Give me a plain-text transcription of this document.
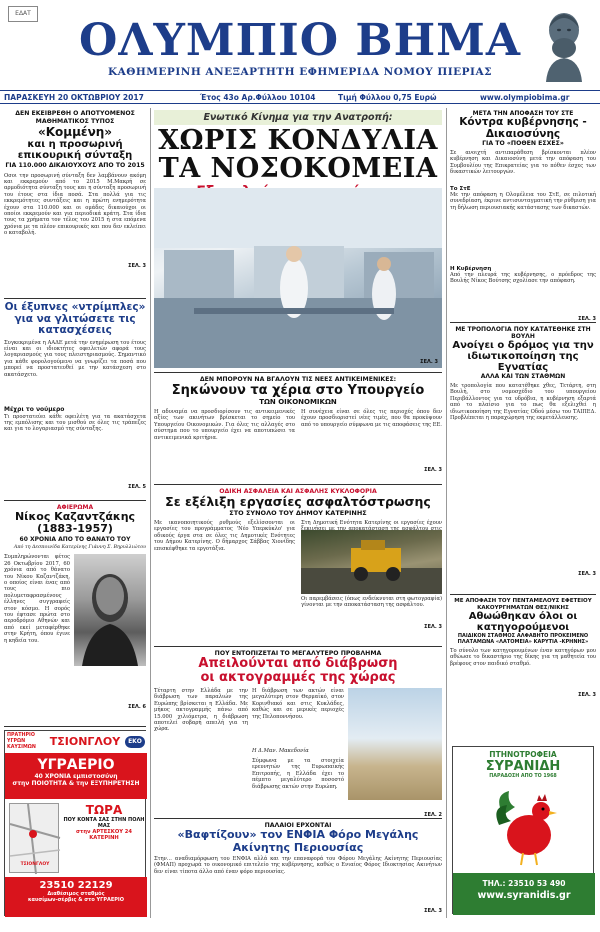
ΕΔΑΤ
ΟΛΥΜΠΙΟ ΒΗΜΑ
ΚΑΘΗΜΕΡΙΝΗ ΑΝΕΞΑΡΤΗΤΗ ΕΦΗΜΕΡΙΔΑ ΝΟΜΟΥ ΠΙΕΡΙΑΣ
ΠΑΡΑΣΚΕΥΗ 20 ΟΚΤΩΒΡΙΟΥ 2017	Έτος 43ο Αρ.Φύλλου 10104	Τιμή Φύλλου 0,75 Ευρώ	www.olympiobima.gr
ΔΕΝ ΕΚΕΙΒΡΕΘΗ Ο ΑΠΟΤΥΟΜΕΝΟΣ ΜΑΘΗΜΑΤΙΚΟΣ ΤΥΠΟΣ
«Κομμένη»
και η προσωρινή επικουρική σύνταξη
ΓΙΑ 110.000 ΔΙΚΑΙΟΥΧΟΥΣ ΑΠΟ ΤΟ 2015
Οσοι την προσωρινή σύνταξη δεν λαμβάνουν ακόμη και εκκρεμούν από το 2015 Μ.Μακρή σε αρμοδιότητα σύνταξη τους και η σύνταξη προσωρινή του έτους στα ίδια ποσά. Στα πολλά για τις εκκρεμότητες συντάξεις και η πρώτη ενημερότητα έχουν στα 110.000 και οι ομάδες δικαιούχοι οι οποίοι εκκρεμούν και για περιοδικά κράτη. Στα ίδια τους τα χρήματα τον τέλος του 2015 ή στα επόμενα χρόνια με τα πλέον επικουρικές και που δεν εκλείπει ο καταβολή.
ΣΕΛ. 3
Οι έξυπνες «ντρίμπλες» για να γλιτώσετε τις κατασχέσεις
Συγκεκριμένα η ΑΑΔΕ μετά την ενημέρωση του έτους είναι και οι ιδιοκτήτες οφειλετών αφορά τους λογαριασμούς για τους πλειστηριασμούς. Σημαντικό για κάθε φορολογούμενο να γνωρίζει τα ποσά που μπορεί να προστατευθεί με την κατάσχεση στο ακατάσχετο.
Μέχρι το νούμερο
Τι προστατεύει κάθε οφειλέτη για τα ακατάσχετα της εμπόλισης και του μισθού σε όλες τις τράπεζες και για το λογαριασμό της σύνταξης.
ΣΕΛ. 5
ΑΦΙΕΡΩΜΑ
Νίκος Καζαντζάκης (1883-1957)
60 ΧΡΟΝΙΑ ΑΠΟ ΤΟ ΘΑΝΑΤΟ ΤΟΥ
Από τη Δεσποινίδα Κατερίνης Γιάννη Σ. Βηρυλλιώτου
Συμπληρώνονται φέτος 26 Οκτωβρίου 2017, 60 χρόνια από το θάνατο του Νίκου Καζαντζάκη, ο οποίος είναι ένας από τους πιο πολυμεταφρασμένους έλληνες συγγραφείς στον κόσμο. Η σορός του έφτασε πρώτα στο αεροδρόμιο Αθηνών και από εκεί μεταφέρθηκε στην Κρήτη, όπου έγινε η κηδεία του.
ΣΕΛ. 6
ΠΡΑΤΗΡΙΟ ΥΓΡΩΝ ΚΑΥΣΙΜΩΝ	ΤΣΙΟΝΓΛΟΥ	ΕΚΟ
ΥΓΡΑΕΡΙΟ
40 ΧΡΟΝΙΑ εμπιστοσύνη
στην ΠΟΙΟΤΗΤΑ & την ΕΞΥΠΗΡΕΤΗΣΗ
ΤΣΙΟΝΓΛΟΥ
ΤΩΡΑ
ΠΟΥ ΚΟΝΤΑ ΣΑΣ ΣΤΗΝ ΠΟΛΗ ΜΑΣ
στην ΑΡΤΕΣΚΟΥ 24 ΚΑΤΕΡΙΝΗ
23510 22129
Διαθέσιμος σταθμός
καυσίμων-σέρβις & στο ΥΓΡΑΕΡΙΟ
Ενωτικό Κίνημα για την Ανατροπή:
ΧΩΡΙΣ ΚΟΝΔΥΛΙΑ
ΤΑ ΝΟΣΟΚΟΜΕΙΑ
ΣΕΛ. 3
ΔΕΝ ΜΠΟΡΟΥΝ ΝΑ ΒΓΑΛΟΥΝ ΤΙΣ ΝΕΕΣ ΑΝΤΙΚΕΙΜΕΝΙΚΕΣ:
Σηκώνουν τα χέρια στο Υπουργείο
ΤΩΝ ΟΙΚΟΝΟΜΙΚΩΝ
Η αδυναμία να προσδιορίσουν τις αντικειμενικές αξίες των ακινήτων βρίσκεται το σημείο του Υπουργείου Οικονομικών. Για όλες τις αλλαγές στο σύστημα που το υπουργείο έχει να αποτυπώσει τα αντικειμενικά κριτήρια.
Η συνέχεια είναι σε όλες τις περιοχές όπου δεν έχουν προσδιοριστεί νέες τιμές, που θα προκύψουν από το υπουργείο σύμφωνα με τις αποφάσεις της ΕΕ.
ΣΕΛ. 3
ΟΔΙΚΗ ΑΣΦΑΛΕΙΑ ΚΑΙ ΑΣΦΑΛΗΣ ΚΥΚΛΟΦΟΡΙΑ
Σε εξέλιξη εργασίες ασφαλτόστρωσης
ΣΤΟ ΣΥΝΟΛΟ ΤΟΥ ΔΗΜΟΥ ΚΑΤΕΡΙΝΗΣ
Με ικανοποιητικούς ρυθμούς εξελίσσονται οι εργασίες του προγράμματος 'Νέο Υπερκύκλο' για οδικούς έργα στα σε όλες τις Δημοτικές Ενότητες του Δήμου Κατερίνης. Ο δήμαρχος Σάββας Χιονίδης επισκέφθηκε τα εργοτάξια.
Στη Δημοτική Ενότητα Κατερίνης οι εργασίες έχουν
Οι παρεμβάσεις (όπως ενδείκνυται στη φωτογραφία) γίνονται με την αποκατάσταση της ασφάλτου.
ΣΕΛ. 3
ΠΟΥ ΕΝΤΟΠΙΖΕΤΑΙ ΤΟ ΜΕΓΑΛΥΤΕΡΟ ΠΡΟΒΛΗΜΑ
Απειλούνται από διάβρωση
οι ακτογραμμές της χώρας
Τέταρτη στην Ελλάδα με την διάβρωση των παραλιών της Ευρώπης βρίσκεται η Ελλάδα. Με μήκος ακτογραμμής πάνω από 15.000 χιλιόμετρα, η διάβρωση αποτελεί σοβαρή απειλή για τη χώρα.
Η διάβρωση των ακτών είναι μεγαλύτερη στον Θερμαϊκό, στον Κορινθιακό και στις Κυκλάδες, καθώς και σε μερικές περιοχές της Πελοποννήσου.
Η Δ.Μαν. Μακεδονία
Σύμφωνα με τα στοιχεία ερευνητών της Ευρωπαϊκής Επιτροπής, η Ελλάδα έχει το πέμπτο μεγαλύτερο ποσοστό διάβρωσης ακτών στην Ευρώπη.
ΣΕΛ. 2
ΠΑΛΑΙΟΙ ΕΡΧΟΝΤΑΙ
«Βαφτίζουν» τον ΕΝΦΙΑ Φόρο Μεγάλης
Ακίνητης Περιουσίας
Στην… αναδιαμόρφωση του ΕΝΦΙΑ αλλά και την επαναφορά του Φόρου Μεγάλης Ακίνητης Περιουσίας (ΦΜΑΠ) προχωρά το οικονομικό επιτελείο της κυβέρνησης, καθώς ο Ενιαίος Φόρος Ιδιοκτησίας Ακινήτων δεν είναι τίποτα άλλο από έναν φόρο περιουσίας.
ΣΕΛ. 3
ΜΕΤΑ ΤΗΝ ΑΠΟΦΑΣΗ ΤΟΥ ΣΤΕ
Κόντρα κυβέρνησης - Δικαιοσύνης
ΓΙΑ ΤΟ «ΠΟΘΕΝ ΕΣΧΕΣ»
Σε ανοιχτή αντιπαράθεση βρίσκονται πλέον κυβέρνηση και Δικαιοσύνη μετά την απόφαση του Συμβουλίου της Επικρατείας για το πόθεν έσχες των δικαστικών λειτουργών.
Το ΣτΕ
Με την απόφαση η Ολομέλεια του ΣτΕ, σε πιλοτική συνεδρίαση, έκρινε αντισυνταγματική την ρύθμιση για τη δήλωση περιουσιακής κατάστασης των δικαστών.
Η Κυβέρνηση
Από την πλευρά της κυβέρνησης, ο πρόεδρος της Βουλής Νίκος Βούτσης σχολίασε την απόφαση.
ΣΕΛ. 3
ΜΕ ΤΡΟΠΟΛΟΓΙΑ ΠΟΥ ΚΑΤΑΤΕΘΗΚΕ ΣΤΗ ΒΟΥΛΗ
Ανοίγει ο δρόμος για την ιδιωτικοποίηση της Εγνατίας
ΑΛΛΑ ΚΑΙ ΤΩΝ ΣΤΑΘΜΩΝ
Με τροπολογία που κατατέθηκε χθες, Τετάρτη, στη Βουλή, στο νομοσχέδιο του υπουργείου Περιβάλλοντος για τα υδρόβια, η κυβέρνηση εξαρτά από το πλαίσιο για το πως θα εξελιχθεί η ιδιωτικοποίηση της Εγνατίας Οδού μέσω του ΤΑΙΠΕΔ. Προβλέπεται η παραχώρηση της εκμετάλλευσης.
ΣΕΛ. 3
ΜΕ ΑΠΟΦΑΣΗ ΤΟΥ ΠΕΝΤΑΜΕΛΟΥΣ ΕΦΕΤΕΙΟΥ ΚΑΚΟΥΡΓΗΜΑΤΩΝ ΘΕΣ/ΝΙΚΗΣ
Αθωώθηκαν όλοι οι κατηγορούμενοι
ΠΑΙΔΙΚΟΝ ΣΤΑΘΜΟΣ ΑΛΦΑΒΗΤΟ ΠΡΟΚΕΙΜΕΝΟ ΠΛΑΤΑΜΩΝΑ «ΛΑΤΟΜΕΙΑ» ΚΑΡΥΤΙΑ -ΚΡΗΝΗΣ»
Το σύνολο των κατηγορουμένων έναν κατηγόρων μου αθώωσε το δικαστήριο της δίκης για τη μαθητεία του βρέφους στον παιδικό σταθμό.
ΣΕΛ. 3
ΠΤΗΝΟΤΡΟΦΕΙΑ
ΣΥΡΑΝΙΔΗ
ΠΑΡΑΔΟΣΗ ΑΠΟ ΤΟ 1968
ΤΗΛ.: 23510 53 490
www.syranidis.gr
